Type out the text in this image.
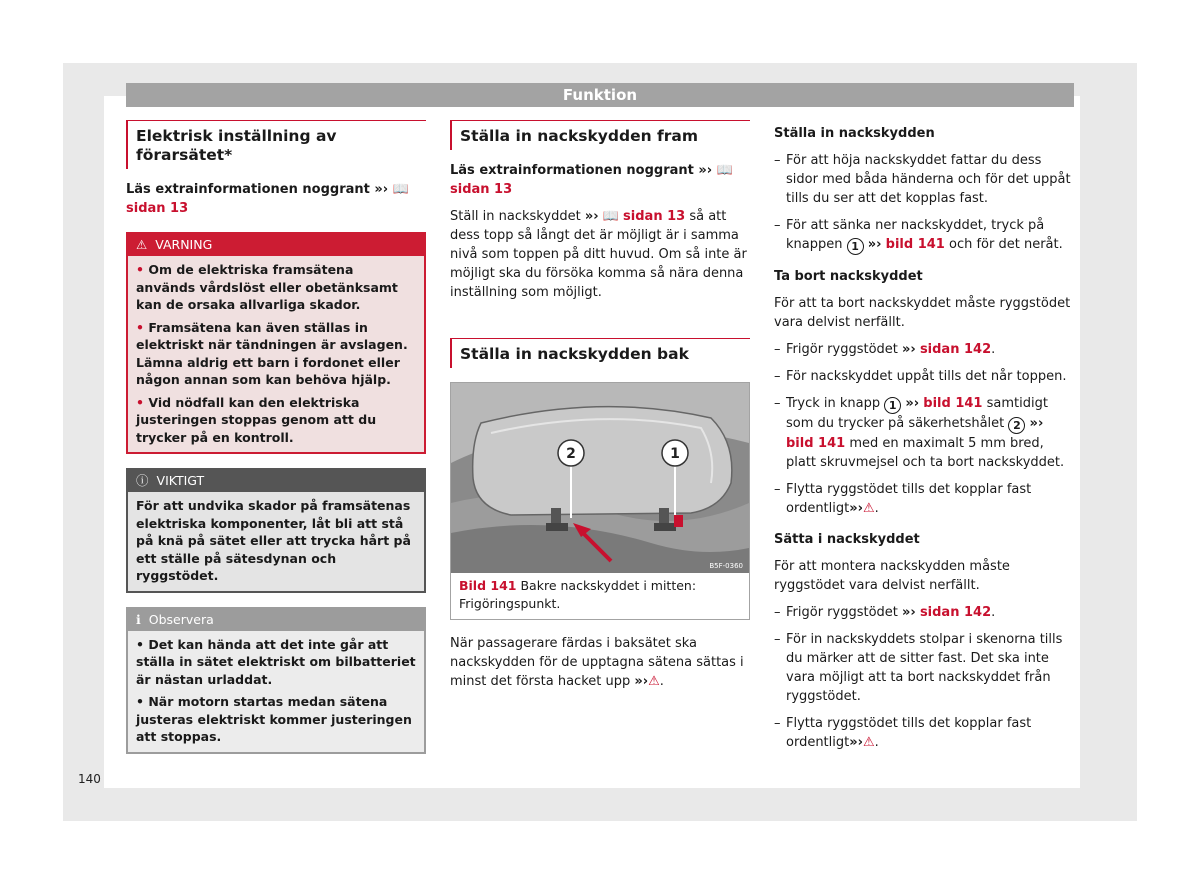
Funktion
Elektrisk inställning av förarsätet*
Läs extrainformationen noggrant »› 📖 sidan 13
⚠ VARNING
• Om de elektriska framsätena används vårdslöst eller obetänksamt kan de orsaka allvarliga skador.
• Framsätena kan även ställas in elektriskt när tändningen är avslagen. Lämna aldrig ett barn i fordonet eller någon annan som kan behöva hjälp.
• Vid nödfall kan den elektriska justeringen stoppas genom att du trycker på en kontroll.
ⓘ VIKTIGT
För att undvika skador på framsätenas elektriska komponenter, låt bli att stå på knä på sätet eller att trycka hårt på ett ställe på sätesdynan och ryggstödet.
ℹ Observera
• Det kan hända att det inte går att ställa in sätet elektriskt om bilbatteriet är nästan urladdat.
• När motorn startas medan sätena justeras elektriskt kommer justeringen att stoppas.
Ställa in nackskydden fram
Läs extrainformationen noggrant »› 📖 sidan 13
Ställ in nackskyddet »› 📖 sidan 13 så att dess topp så långt det är möjligt är i samma nivå som toppen på ditt huvud. Om så inte är möjligt ska du försöka komma så nära denna inställning som möjligt.
Ställa in nackskydden bak
2	1
B5F-0360
Bild 141 Bakre nackskyddet i mitten: Frigöringspunkt.
När passagerare färdas i baksätet ska nackskydden för de upptagna sätena sättas i minst det första hacket upp »›⚠.
Ställa in nackskydden
– För att höja nackskyddet fattar du dess sidor med båda händerna och för det uppåt tills du ser att det kopplas fast.
– För att sänka ner nackskyddet, tryck på knappen 1 »› bild 141 och för det neråt.
Ta bort nackskyddet
För att ta bort nackskyddet måste ryggstödet vara delvist nerfällt.
– Frigör ryggstödet »› sidan 142.
– För nackskyddet uppåt tills det når toppen.
– Tryck in knapp 1 »› bild 141 samtidigt som du trycker på säkerhetshålet 2 »› bild 141 med en maximalt 5 mm bred, platt skruvmejsel och ta bort nackskyddet.
– Flytta ryggstödet tills det kopplar fast ordentligt»›⚠.
Sätta i nackskyddet
För att montera nackskydden måste ryggstödet vara delvist nerfällt.
– Frigör ryggstödet »› sidan 142.
– För in nackskyddets stolpar i skenorna tills du märker att de sitter fast. Det ska inte vara möjligt att ta bort nackskyddet från ryggstödet.
– Flytta ryggstödet tills det kopplar fast ordentligt»›⚠.
140
